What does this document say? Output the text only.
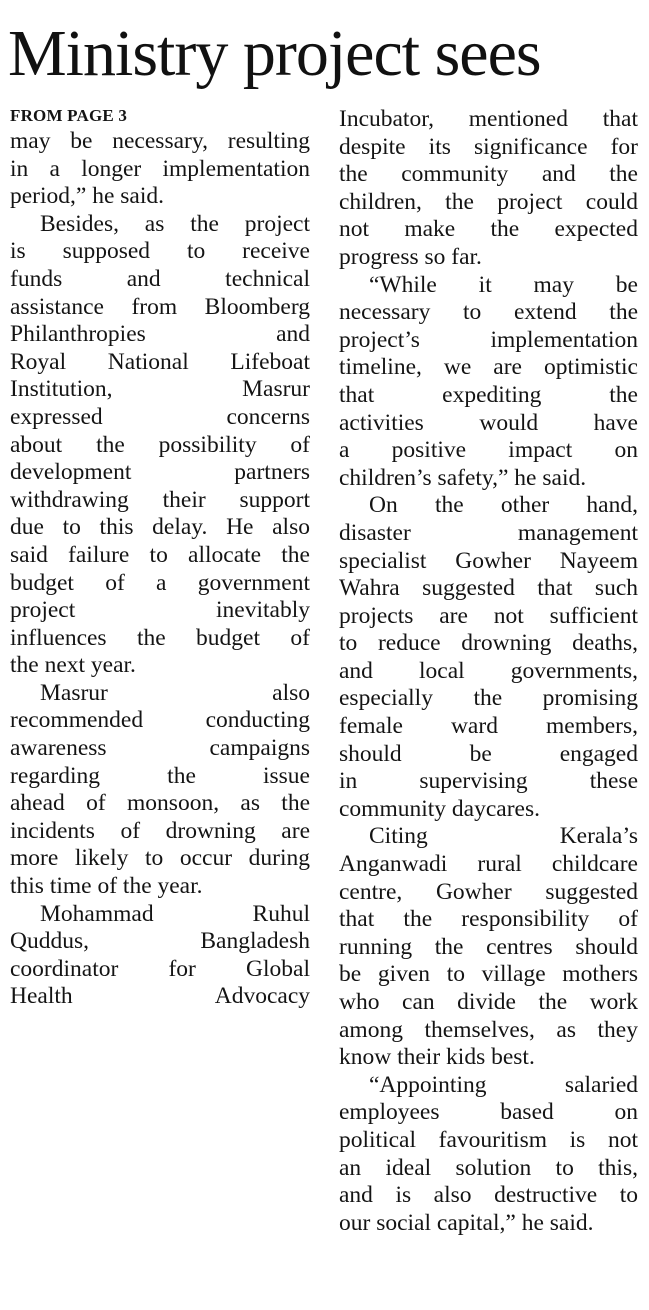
Ministry project sees
FROM PAGE 3
may be necessary, resulting
in a longer implementation
period,” he said.
Besides, as the project
is supposed to receive
funds and technical
assistance from Bloomberg
Philanthropies and
Royal National Lifeboat
Institution, Masrur
expressed concerns
about the possibility of
development partners
withdrawing their support
due to this delay. He also
said failure to allocate the
budget of a government
project inevitably
influences the budget of
the next year.
Masrur also
recommended conducting
awareness campaigns
regarding the issue
ahead of monsoon, as the
incidents of drowning are
more likely to occur during
this time of the year.
Mohammad Ruhul
Quddus, Bangladesh
coordinator for Global
Health Advocacy
Incubator, mentioned that
despite its significance for
the community and the
children, the project could
not make the expected
progress so far.
“While it may be
necessary to extend the
project’s implementation
timeline, we are optimistic
that expediting the
activities would have
a positive impact on
children’s safety,” he said.
On the other hand,
disaster management
specialist Gowher Nayeem
Wahra suggested that such
projects are not sufficient
to reduce drowning deaths,
and local governments,
especially the promising
female ward members,
should be engaged
in supervising these
community daycares.
Citing Kerala’s
Anganwadi rural childcare
centre, Gowher suggested
that the responsibility of
running the centres should
be given to village mothers
who can divide the work
among themselves, as they
know their kids best.
“Appointing salaried
employees based on
political favouritism is not
an ideal solution to this,
and is also destructive to
our social capital,” he said.
